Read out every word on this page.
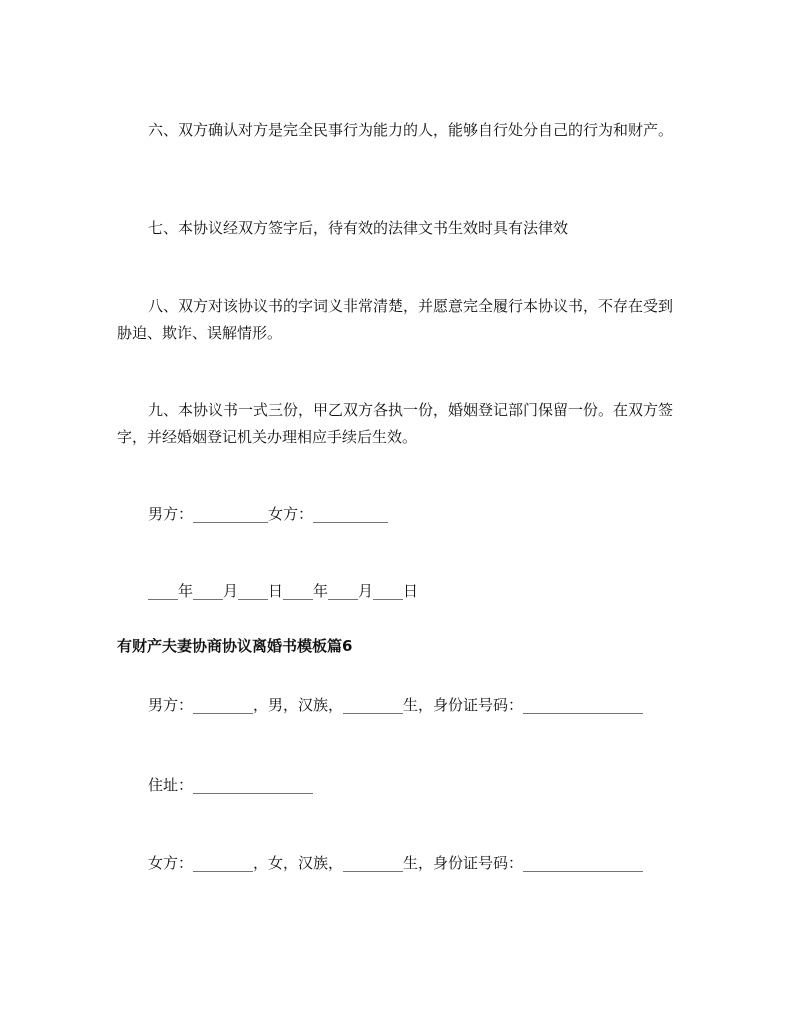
六、双方确认对方是完全民事行为能力的人，能够自行处分自己的行为和财产。

七、本协议经双方签字后，待有效的法律文书生效时具有法律效

八、双方对该协议书的字词义非常清楚，并愿意完全履行本协议书，不存在受到胁迫、欺诈、误解情形。

九、本协议书一式三份，甲乙双方各执一份，婚姻登记部门保留一份。在双方签字，并经婚姻登记机关办理相应手续后生效。

男方：__________女方：__________

____年____月____日____年____月____日

有财产夫妻协商协议离婚书模板篇6

男方：________，男，汉族，________生，身份证号码：________________

住址：________________

女方：________，女，汉族，________生，身份证号码：________________
